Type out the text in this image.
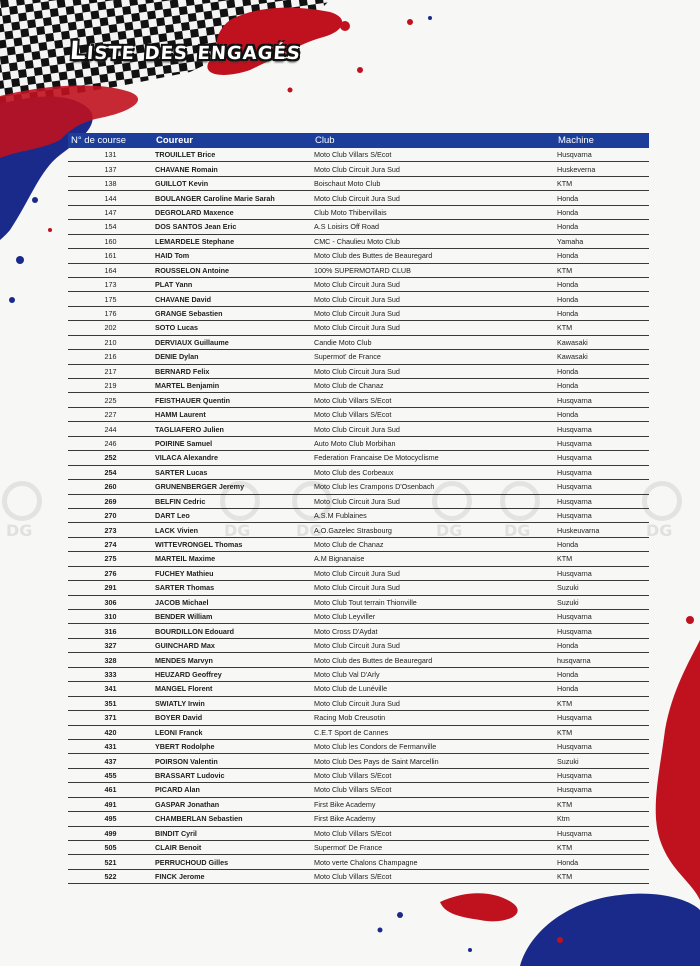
Liste des engagés
DG	DG	DG	DG	DG	DG
N° de course	Coureur	Club	Machine
131	TROUILLET Brice	Moto Club Villars S/Ecot	Husqvarna
137	CHAVANE Romain	Moto Club Circuit Jura Sud	Huskeverna
138	GUILLOT Kevin	Boischaut Moto Club	KTM
144	BOULANGER Caroline Marie Sarah	Moto Club Circuit Jura Sud	Honda
147	DEGROLARD Maxence	Club Moto Thibervillais	Honda
154	DOS SANTOS Jean Eric	A.S Loisirs Off Road	Honda
160	LEMARDELE Stephane	CMC - Chaulieu Moto Club	Yamaha
161	HAID Tom	Moto Club des Buttes de Beauregard	Honda
164	ROUSSELON Antoine	100% SUPERMOTARD CLUB	KTM
173	PLAT Yann	Moto Club Circuit Jura Sud	Honda
175	CHAVANE David	Moto Club Circuit Jura Sud	Honda
176	GRANGE Sebastien	Moto Club Circuit Jura Sud	Honda
202	SOTO Lucas	Moto Club Circuit Jura Sud	KTM
210	DERVIAUX Guillaume	Candie Moto Club	Kawasaki
216	DENIE Dylan	Supermot' de France	Kawasaki
217	BERNARD Felix	Moto Club Circuit Jura Sud	Honda
219	MARTEL Benjamin	Moto Club de Chanaz	Honda
225	FEISTHAUER Quentin	Moto Club Villars S/Ecot	Husqvarna
227	HAMM Laurent	Moto Club Villars S/Ecot	Honda
244	TAGLIAFERO Julien	Moto Club Circuit Jura Sud	Husqvarna
246	POIRINE Samuel	Auto Moto Club Morbihan	Husqvarna
252	VILACA Alexandre	Federation Francaise De Motocyclisme	Husqvarna
254	SARTER Lucas	Moto Club des Corbeaux	Husqvarna
260	GRUNENBERGER Jeremy	Moto Club les Crampons D'Osenbach	Husqvarna
269	BELFIN Cedric	Moto Club Circuit Jura Sud	Husqvarna
270	DART Leo	A.S.M Fublaines	Husqvarna
273	LACK Vivien	A.O.Gazelec Strasbourg	Huskeuvarna
274	WITTEVRONGEL Thomas	Moto Club de Chanaz	Honda
275	MARTEIL Maxime	A.M Bignanaise	KTM
276	FUCHEY Mathieu	Moto Club Circuit Jura Sud	Husqvarna
291	SARTER Thomas	Moto Club Circuit Jura Sud	Suzuki
306	JACOB Michael	Moto Club Tout terrain Thionville	Suzuki
310	BENDER William	Moto Club Leyviller	Husqvarna
316	BOURDILLON Edouard	Moto Cross D'Aydat	Husqvarna
327	GUINCHARD Max	Moto Club Circuit Jura Sud	Honda
328	MENDES Marvyn	Moto Club des Buttes de Beauregard	husqvarna
333	HEUZARD Geoffrey	Moto Club Val D'Arly	Honda
341	MANGEL Florent	Moto Club de Lunéville	Honda
351	SWIATLY Irwin	Moto Club Circuit Jura Sud	KTM
371	BOYER David	Racing Mob Creusotin	Husqvarna
420	LEONI Franck	C.E.T Sport de Cannes	KTM
431	YBERT Rodolphe	Moto Club les Condors de Fermanville	Husqvarna
437	POIRSON Valentin	Moto Club Des Pays de Saint Marcellin	Suzuki
455	BRASSART Ludovic	Moto Club Villars S/Ecot	Husqvarna
461	PICARD Alan	Moto Club Villars S/Ecot	Husqvarna
491	GASPAR Jonathan	First Bike Academy	KTM
495	CHAMBERLAN Sebastien	First Bike Academy	Ktm
499	BINDIT Cyril	Moto Club Villars S/Ecot	Husqvarna
505	CLAIR Benoit	Supermot' De France	KTM
521	PERRUCHOUD Gilles	Moto verte Chalons Champagne	Honda
522	FINCK Jerome	Moto Club Villars S/Ecot	KTM
